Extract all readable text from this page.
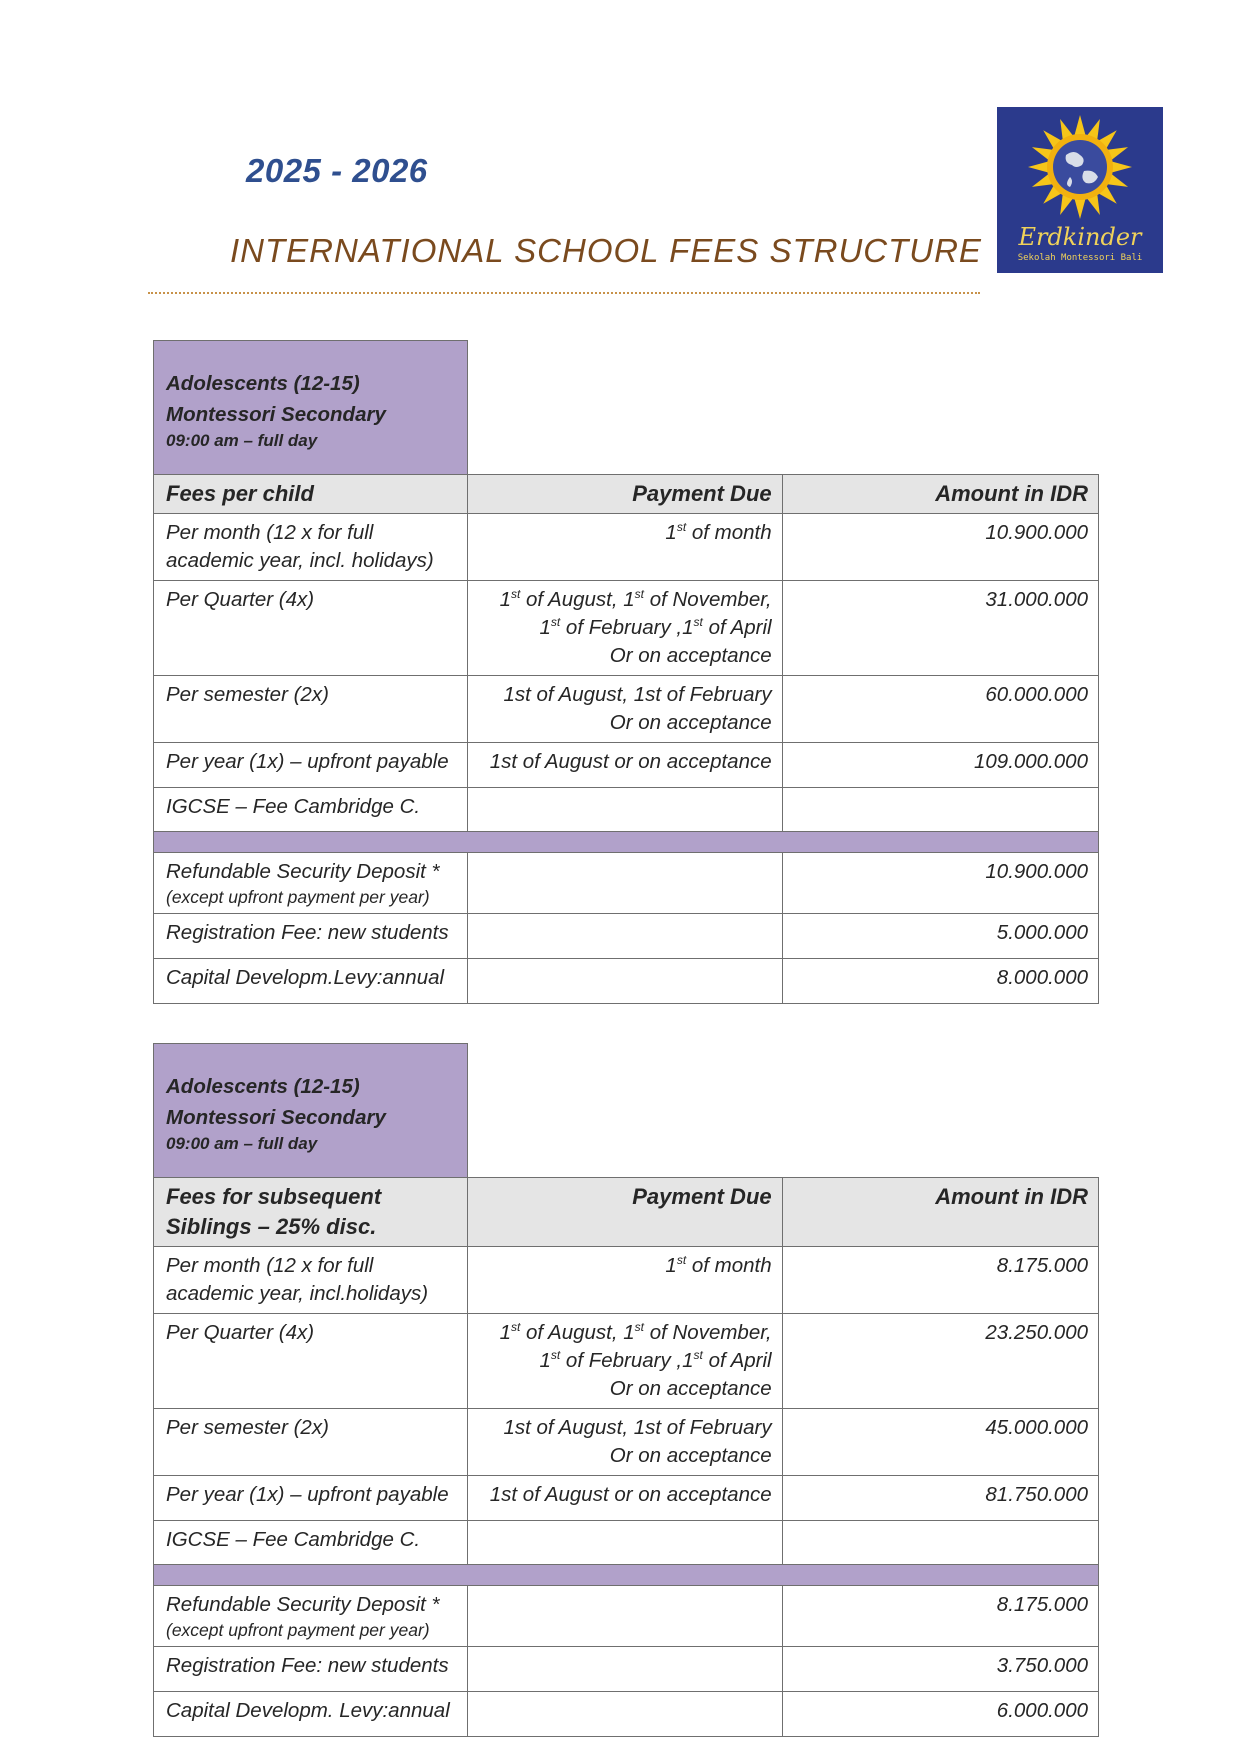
2025 - 2026
INTERNATIONAL SCHOOL FEES STRUCTURE	Erdkinder
Sekolah Montessori Bali
Adolescents (12-15)
Montessori Secondary
09:00 am – full day		

Fees per child	Payment Due	Amount in IDR

Per month (12 x for full
academic year, incl. holidays)	1st of month	10.900.000
Per Quarter (4x)	1st of August, 1st of November,
1st of February ,1st of April
Or on acceptance	31.000.000
Per semester (2x)	1st of August, 1st of February
Or on acceptance	60.000.000
Per year (1x) – upfront payable	1st of August or on acceptance	109.000.000
IGCSE – Fee Cambridge C.		

Refundable Security Deposit *
(except upfront payment per year)		10.900.000
Registration Fee: new students		5.000.000
Capital Developm.Levy:annual		8.000.000
Adolescents (12-15)
Montessori Secondary
09:00 am – full day		

Fees for subsequent Siblings – 25% disc.	Payment Due	Amount in IDR

Per month (12 x for full
academic year, incl.holidays)	1st of month	8.175.000
Per Quarter (4x)	1st of August, 1st of November,
1st of February ,1st of April
Or on acceptance	23.250.000
Per semester (2x)	1st of August, 1st of February
Or on acceptance	45.000.000
Per year (1x) – upfront payable	1st of August or on acceptance	81.750.000
IGCSE – Fee Cambridge C.		

Refundable Security Deposit *
(except upfront payment per year)		8.175.000
Registration Fee: new students		3.750.000
Capital Developm. Levy:annual		6.000.000
